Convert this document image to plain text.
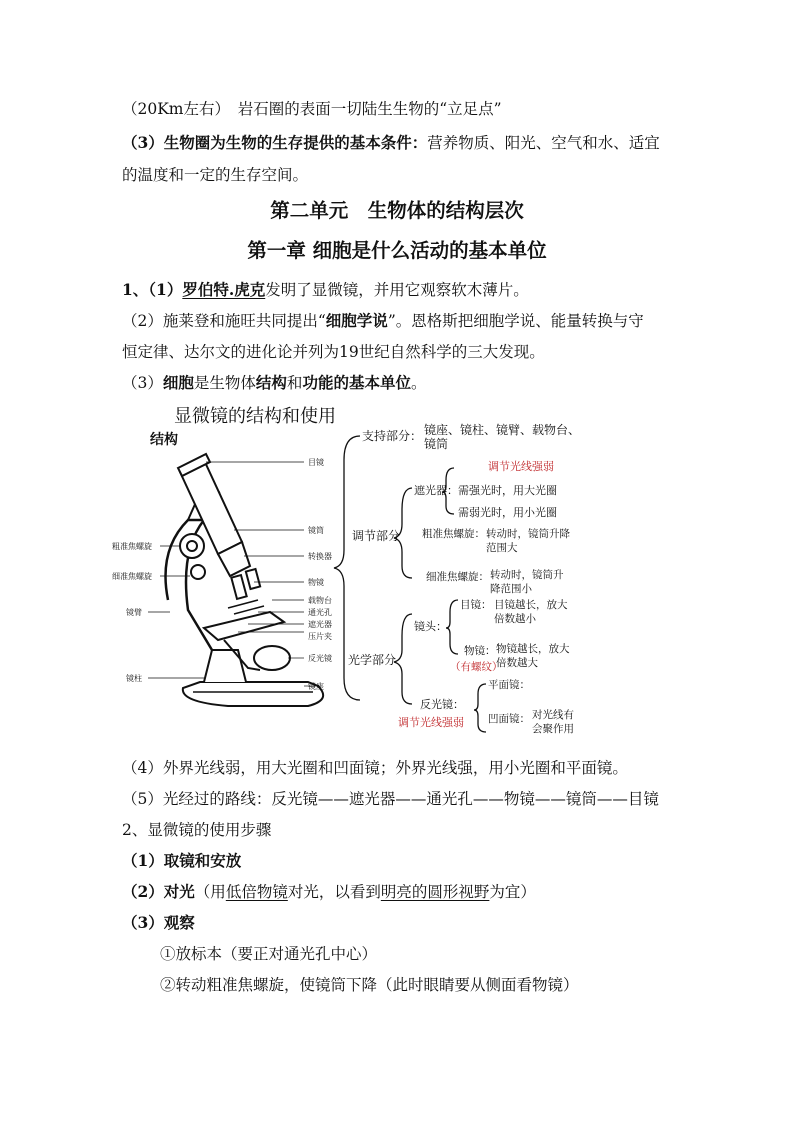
（20Km左右）　岩石圈的表面一切陆生生物的“立足点”
（3）生物圈为生物的生存提供的基本条件：营养物质、阳光、空气和水、适宜
的温度和一定的生存空间。
第二单元　生物体的结构层次
第一章 细胞是什么活动的基本单位
1、（1）罗伯特.虎克发明了显微镜，并用它观察软木薄片。
（2）施莱登和施旺共同提出“细胞学说”。恩格斯把细胞学说、能量转换与守
恒定律、达尔文的进化论并列为19世纪自然科学的三大发现。
（3）细胞是生物体结构和功能的基本单位。
显微镜的结构和使用
结构
目镜
镜筒
转换器
物镜
载物台
通光孔
遮光器
压片夹
反光镜
镜座
粗准焦螺旋
细准焦螺旋
镜臂
镜柱
支持部分： 镜座、镜柱、镜臂、载物台、
镜筒
调节部分
遮光器：
调节光线强弱
需强光时，用大光圈
需弱光时，用小光圈
粗准焦螺旋： 转动时，镜筒升降
范围大
细准焦螺旋： 转动时，镜筒升
降范围小
光学部分
镜头：
目镜： 目镜越长，放大
倍数越小
物镜： 物镜越长，放大
倍数越大
（有螺纹）
反光镜：
调节光线强弱
平面镜：
凹面镜： 对光线有
会聚作用
（4）外界光线弱，用大光圈和凹面镜；外界光线强，用小光圈和平面镜。
（5）光经过的路线：反光镜——遮光器——通光孔——物镜——镜筒——目镜
2、显微镜的使用步骤
（1）取镜和安放
（2）对光（用低倍物镜对光，以看到明亮的圆形视野为宜）
（3）观察
①放标本（要正对通光孔中心）
②转动粗准焦螺旋，使镜筒下降（此时眼睛要从侧面看物镜）
